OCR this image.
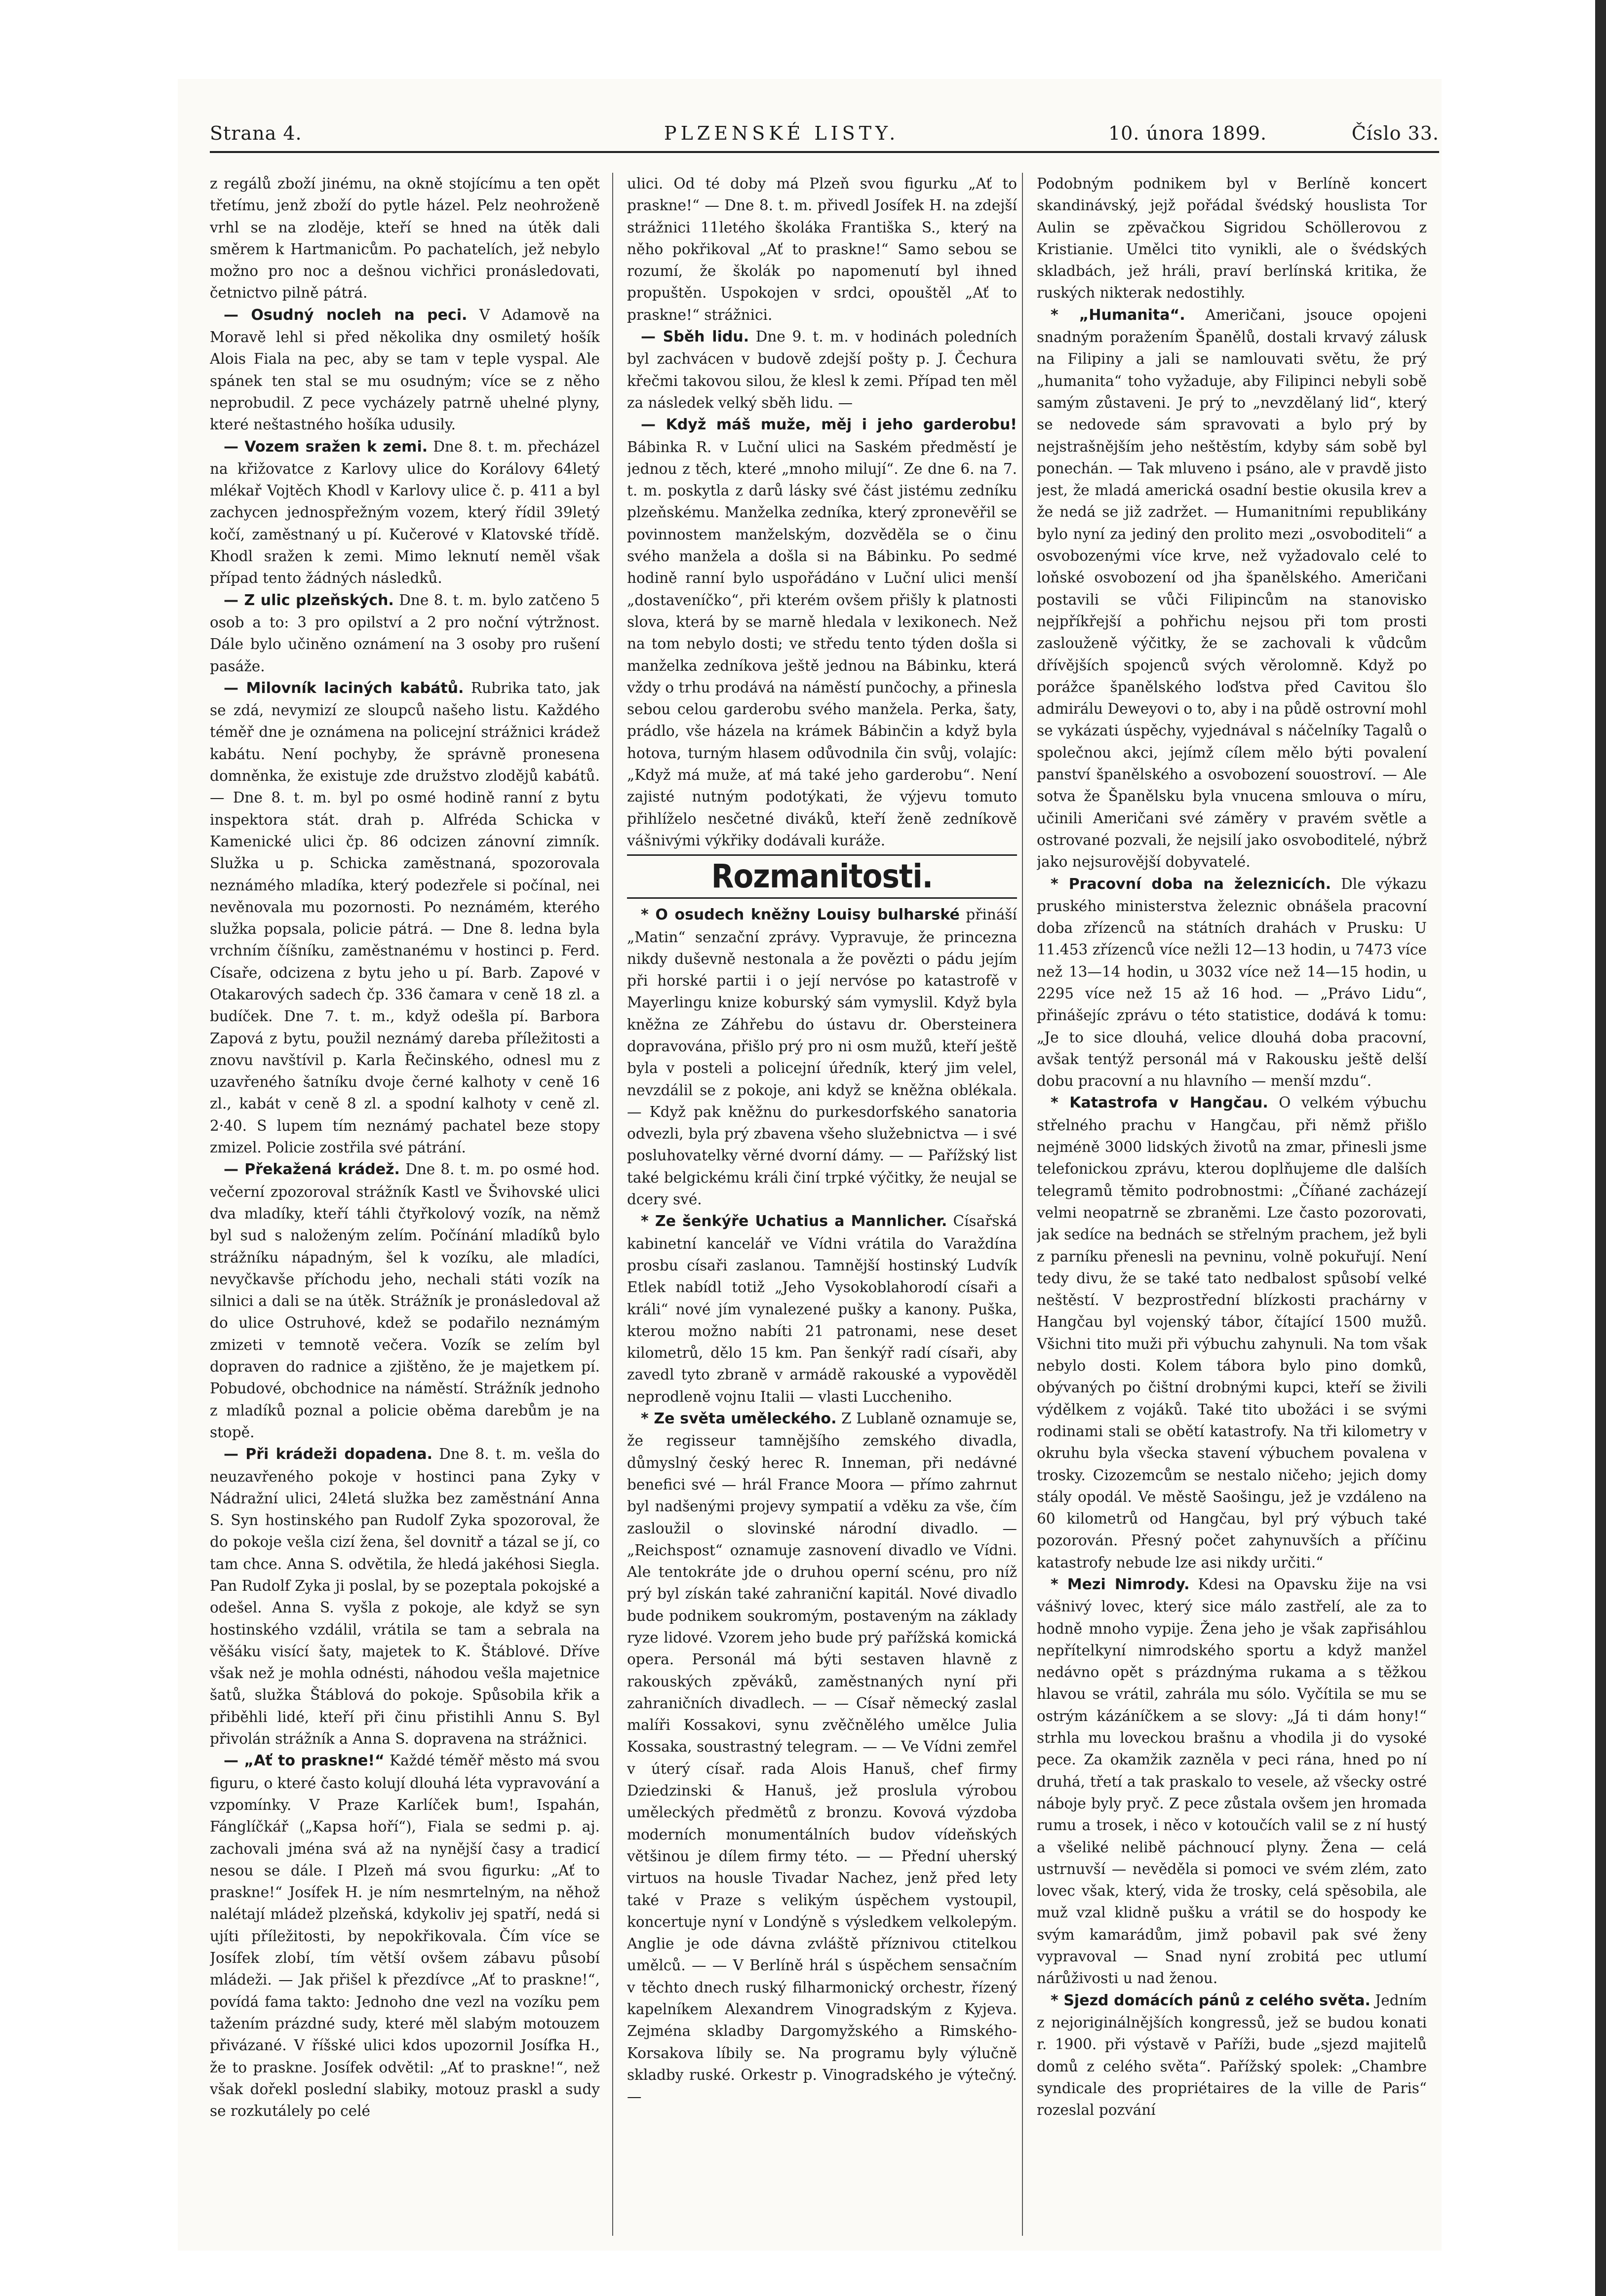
Strana 4.	PLZENSKÉ LISTY.	10. února 1899.	Číslo 33.

z regálů zboží jinému, na okně stojícímu a ten opět třetímu, jenž zboží do pytle házel. Pelz neohroženě vrhl se na zloděje, kteří se hned na útěk dali směrem k Hartmanicům. Po pachatelích, jež nebylo možno pro noc a dešnou vichřici pronásledovati, četnictvo pilně pátrá.

— Osudný nocleh na peci. V Adamově na Moravě lehl si před několika dny osmiletý hošík Alois Fiala na pec, aby se tam v teple vyspal. Ale spánek ten stal se mu osudným; více se z něho neprobudil. Z pece vycházely patrně uhelné plyny, které neštastného hošíka udusily.

— Vozem sražen k zemi. Dne 8. t. m. přecházel na křižovatce z Karlovy ulice do Korálovy 64letý mlékař Vojtěch Khodl v Karlovy ulice č. p. 411 a byl zachycen jednospřežným vozem, který řídil 39letý kočí, zaměstnaný u pí. Kučerové v Klatovské třídě. Khodl sražen k zemi. Mimo leknutí neměl však případ tento žádných následků.

— Z ulic plzeňských. Dne 8. t. m. bylo zatčeno 5 osob a to: 3 pro opilství a 2 pro noční výtržnost. Dále bylo učiněno oznámení na 3 osoby pro rušení pasáže.

— Milovník laciných kabátů. Rubrika tato, jak se zdá, nevymizí ze sloupců našeho listu. Každého téměř dne je oznámena na policejní strážnici krádež kabátu. Není pochyby, že správně pronesena domněnka, že existuje zde družstvo zlodějů kabátů. — Dne 8. t. m. byl po osmé hodině ranní z bytu inspektora stát. drah p. Alfréda Schicka v Kamenické ulici čp. 86 odcizen zánovní zimník. Služka u p. Schicka zaměstnaná, spozorovala neznámého mladíka, který podezřele si počínal, nei nevěnovala mu pozornosti. Po neznámém, kterého služka popsala, policie pátrá. — Dne 8. ledna byla vrchním číšníku, zaměstnanému v hostinci p. Ferd. Císaře, odcizena z bytu jeho u pí. Barb. Zapové v Otakarových sadech čp. 336 čamara v ceně 18 zl. a budíček. Dne 7. t. m., když odešla pí. Barbora Zapová z bytu, použil neznámý dareba příležitosti a znovu navštívil p. Karla Řečinského, odnesl mu z uzavřeného šatníku dvoje černé kalhoty v ceně 16 zl., kabát v ceně 8 zl. a spodní kalhoty v ceně zl. 2·40. S lupem tím neznámý pachatel beze stopy zmizel. Policie zostřila své pátrání.

— Překažená krádež. Dne 8. t. m. po osmé hod. večerní zpozoroval strážník Kastl ve Švihovské ulici dva mladíky, kteří táhli čtyřkolový vozík, na němž byl sud s naloženým zelím. Počínání mladíků bylo strážníku nápadným, šel k vozíku, ale mladíci, nevyčkavše příchodu jeho, nechali státi vozík na silnici a dali se na útěk. Strážník je pronásledoval až do ulice Ostruhové, kdež se podařilo neznámým zmizeti v temnotě večera. Vozík se zelím byl dopraven do radnice a zjištěno, že je majetkem pí. Pobudové, obchodnice na náměstí. Strážník jednoho z mladíků poznal a policie oběma darebům je na stopě.

— Při krádeži dopadena. Dne 8. t. m. vešla do neuzavřeného pokoje v hostinci pana Zyky v Nádražní ulici, 24letá služka bez zaměstnání Anna S. Syn hostinského pan Rudolf Zyka spozoroval, že do pokoje vešla cizí žena, šel dovnitř a tázal se jí, co tam chce. Anna S. odvětila, že hledá jakéhosi Siegla. Pan Rudolf Zyka ji poslal, by se pozeptala pokojské a odešel. Anna S. vyšla z pokoje, ale když se syn hostinského vzdálil, vrátila se tam a sebrala na věšáku visící šaty, majetek to K. Štáblové. Dříve však než je mohla odnésti, náhodou vešla majetnice šatů, služka Štáblová do pokoje. Spůsobila křik a přiběhli lidé, kteří při činu přistihli Annu S. Byl přivolán strážník a Anna S. dopravena na strážnici.

— „Ať to praskne!“ Každé téměř město má svou figuru, o které často kolují dlouhá léta vypravování a vzpomínky. V Praze Karlíček bum!, Ispahán, Fánglíčkář („Kapsa hoří“), Fiala se sedmi p. aj. zachovali jména svá až na nynější časy a tradicí nesou se dále. I Plzeň má svou figurku: „Ať to praskne!“ Josífek H. je ním nesmrtelným, na něhož nalétají mládež plzeňská, kdykoliv jej spatří, nedá si ujíti příležitosti, by nepokřikovala. Čím více se Josífek zlobí, tím větší ovšem zábavu působí mládeži. — Jak přišel k přezdívce „Ať to praskne!“, povídá fama takto: Jednoho dne vezl na vozíku pem tažením prázdné sudy, které měl slabým motouzem přivázané. V říšské ulici kdos upozornil Josífka H., že to praskne. Josífek odvětil: „Ať to praskne!“, než však dořekl poslední slabiky, motouz praskl a sudy se rozkutálely po celé

ulici. Od té doby má Plzeň svou figurku „Ať to praskne!“ — Dne 8. t. m. přivedl Josífek H. na zdejší strážnici 11letého školáka Františka S., který na něho pokřikoval „Ať to praskne!“ Samo sebou se rozumí, že školák po napomenutí byl ihned propuštěn. Uspokojen v srdci, opouštěl „Ať to praskne!“ strážnici.

— Sběh lidu. Dne 9. t. m. v hodinách poledních byl zachvácen v budově zdejší pošty p. J. Čechura křečmi takovou silou, že klesl k zemi. Případ ten měl za následek velký sběh lidu. —

— Když máš muže, měj i jeho garderobu! Bábinka R. v Luční ulici na Saském předměstí je jednou z těch, které „mnoho milují“. Ze dne 6. na 7. t. m. poskytla z darů lásky své část jistému zedníku plzeňskému. Manželka zedníka, který zpronevěřil se povinnostem manželským, dozvěděla se o činu svého manžela a došla si na Bábinku. Po sedmé hodině ranní bylo uspořádáno v Luční ulici menší „dostaveníčko“, při kterém ovšem přišly k platnosti slova, která by se marně hledala v lexikonech. Než na tom nebylo dosti; ve středu tento týden došla si manželka zedníkova ještě jednou na Bábinku, která vždy o trhu prodává na náměstí punčochy, a přinesla sebou celou garderobu svého manžela. Perka, šaty, prádlo, vše házela na krámek Bábinčin a když byla hotova, turným hlasem odůvodnila čin svůj, volajíc: „Když má muže, ať má také jeho garderobu“. Není zajisté nutným podotýkati, že výjevu tomuto přihlíželo nesčetné diváků, kteří ženě zedníkově vášnivými výkřiky dodávali kuráže.

Rozmanitosti.

* O osudech kněžny Louisy bulharské přináší „Matin“ senzační zprávy. Vypravuje, že princezna nikdy duševně nestonala a že povězti o pádu jejím při horské partii i o její nervóse po katastrofě v Mayerlingu knize koburský sám vymyslil. Když byla kněžna ze Záhřebu do ústavu dr. Obersteinera dopravována, přišlo prý pro ni osm mužů, kteří ještě byla v posteli a policejní úředník, který jim velel, nevzdálil se z pokoje, ani když se kněžna oblékala. — Když pak kněžnu do purkesdorfského sanatoria odvezli, byla prý zbavena všeho služebnictva — i své posluhovatelky věrné dvorní dámy. — — Pařížský list také belgickému králi činí trpké výčitky, že neujal se dcery své.

* Ze šenkýře Uchatius a Mannlicher. Císařská kabinetní kancelář ve Vídni vrátila do Varaždína prosbu císaři zaslanou. Tamnější hostinský Ludvík Etlek nabídl totiž „Jeho Vysokoblahorodí císaři a králi“ nové jím vynalezené pušky a kanony. Puška, kterou možno nabíti 21 patronami, nese deset kilometrů, dělo 15 km. Pan šenkýř radí císaři, aby zavedl tyto zbraně v armádě rakouské a vypověděl neprodleně vojnu Italii — vlasti Luccheniho.

* Ze světa uměleckého. Z Lublaně oznamuje se, že regisseur tamnějšího zemského divadla, důmyslný český herec R. Inneman, při nedávné benefici své — hrál France Moora — přímo zahrnut byl nadšenými projevy sympatií a vděku za vše, čím zasloužil o slovinské národní divadlo. — „Reichspost“ oznamuje zasnovení divadlo ve Vídni. Ale tentokráte jde o druhou operní scénu, pro níž prý byl získán také zahraniční kapitál. Nové divadlo bude podnikem soukromým, postaveným na základy ryze lidové. Vzorem jeho bude prý pařížská komická opera. Personál má býti sestaven hlavně z rakouských zpěváků, zaměstnaných nyní při zahraničních divadlech. — — Císař německý zaslal malíři Kossakovi, synu zvěčnělého umělce Julia Kossaka, soustrastný telegram. — — Ve Vídni zemřel v úterý císař. rada Alois Hanuš, chef firmy Dziedzinski & Hanuš, jež proslula výrobou uměleckých předmětů z bronzu. Kovová výzdoba moderních monumentálních budov vídeňských většinou je dílem firmy této. — — Přední uherský virtuos na housle Tivadar Nachez, jenž před lety také v Praze s velikým úspěchem vystoupil, koncertuje nyní v Londýně s výsledkem velkolepým. Anglie je ode dávna zvláště příznivou ctitelkou umělců. — — V Berlíně hrál s úspěchem sensačním v těchto dnech ruský filharmonický orchestr, řízený kapelníkem Alexandrem Vinogradským z Kyjeva. Zejména skladby Dargomyžského a Rimského-Korsakova líbily se. Na programu byly výlučně skladby ruské. Orkestr p. Vinogradského je výtečný. —

Podobným podnikem byl v Berlíně koncert skandinávský, jejž pořádal švédský houslista Tor Aulin se zpěvačkou Sigridou Schöllerovou z Kristianie. Umělci tito vynikli, ale o švédských skladbách, jež hráli, praví berlínská kritika, že ruských nikterak nedostihly.

* „Humanita“. Američani, jsouce opojeni snadným poražením Španělů, dostali krvavý zálusk na Filipiny a jali se namlouvati světu, že prý „humanita“ toho vyžaduje, aby Filipinci nebyli sobě samým zůstaveni. Je prý to „nevzdělaný lid“, který se nedovede sám spravovati a bylo prý by nejstrašnějším jeho neštěstím, kdyby sám sobě byl ponechán. — Tak mluveno i psáno, ale v pravdě jisto jest, že mladá americká osadní bestie okusila krev a že nedá se již zadržet. — Humanitními republikány bylo nyní za jediný den prolito mezi „osvoboditeli“ a osvobozenými více krve, než vyžadovalo celé to loňské osvobození od jha španělského. Američani postavili se vůči Filipincům na stanovisko nejpříkřejší a pohřichu nejsou při tom prosti zaslouženě výčitky, že se zachovali k vůdcům dřívějších spojenců svých věrolomně. Když po porážce španělského loďstva před Cavitou šlo admirálu Deweyovi o to, aby i na půdě ostrovní mohl se vykázati úspěchy, vyjednával s náčelníky Tagalů o společnou akci, jejímž cílem mělo býti povalení panství španělského a osvobození souostroví. — Ale sotva že Španělsku byla vnucena smlouva o míru, učinili Američani své záměry v pravém světle a ostrované pozvali, že nejsilí jako osvoboditelé, nýbrž jako nejsurovější dobyvatelé.

* Pracovní doba na železnicích. Dle výkazu pruského ministerstva železnic obnášela pracovní doba zřízenců na státních drahách v Prusku: U 11.453 zřízenců více nežli 12—13 hodin, u 7473 více než 13—14 hodin, u 3032 více než 14—15 hodin, u 2295 více než 15 až 16 hod. — „Právo Lidu“, přinášejíc zprávu o této statistice, dodává k tomu: „Je to sice dlouhá, velice dlouhá doba pracovní, avšak tentýž personál má v Rakousku ještě delší dobu pracovní a nu hlavního — menší mzdu“.

* Katastrofa v Hangčau. O velkém výbuchu střelného prachu v Hangčau, při němž přišlo nejméně 3000 lidských životů na zmar, přinesli jsme telefonickou zprávu, kterou doplňujeme dle dalších telegramů těmito podrobnostmi: „Číňané zacházejí velmi neopatrně se zbraněmi. Lze často pozorovati, jak sedíce na bednách se střelným prachem, jež byli z parníku přenesli na pevninu, volně pokuřují. Není tedy divu, že se také tato nedbalost spůsobí velké neštěstí. V bezprostřední blízkosti prachárny v Hangčau byl vojenský tábor, čítající 1500 mužů. Všichni tito muži při výbuchu zahynuli. Na tom však nebylo dosti. Kolem tábora bylo pino domků, obývaných po čištní drobnými kupci, kteří se živili výdělkem z vojáků. Také tito ubožáci i se svými rodinami stali se obětí katastrofy. Na tři kilometry v okruhu byla všecka stavení výbuchem povalena v trosky. Cizozemcům se nestalo ničeho; jejich domy stály opodál. Ve městě Saošingu, jež je vzdáleno na 60 kilometrů od Hangčau, byl prý výbuch také pozorován. Přesný počet zahynuvších a příčinu katastrofy nebude lze asi nikdy určiti.“

* Mezi Nimrody. Kdesi na Opavsku žije na vsi vášnivý lovec, který sice málo zastřelí, ale za to hodně mnoho vypije. Žena jeho je však zapřisáhlou nepřítelkyní nimrodského sportu a když manžel nedávno opět s prázdnýma rukama a s těžkou hlavou se vrátil, zahrála mu sólo. Vyčítila se mu se ostrým kázáníčkem a se slovy: „Já ti dám hony!“ strhla mu loveckou brašnu a vhodila ji do vysoké pece. Za okamžik zazněla v peci rána, hned po ní druhá, třetí a tak praskalo to vesele, až všecky ostré náboje byly pryč. Z pece zůstala ovšem jen hromada rumu a trosek, i něco v kotoučích valil se z ní hustý a všeliké nelibě páchnoucí plyny. Žena — celá ustrnuvší — nevěděla si pomoci ve svém zlém, zato lovec však, který, vida že trosky, celá spěsobila, ale muž vzal klidně pušku a vrátil se do hospody ke svým kamarádům, jimž pobavil pak své ženy vypravoval — Snad nyní zrobitá pec utlumí nárůživosti u nad ženou.

* Sjezd domácích pánů z celého světa. Jedním z nejoriginálnějších kongressů, jež se budou konati r. 1900. při výstavě v Paříži, bude „sjezd majitelů domů z celého světa“. Pařížský spolek: „Chambre syndicale des propriétaires de la ville de Paris“ rozeslal pozvání
